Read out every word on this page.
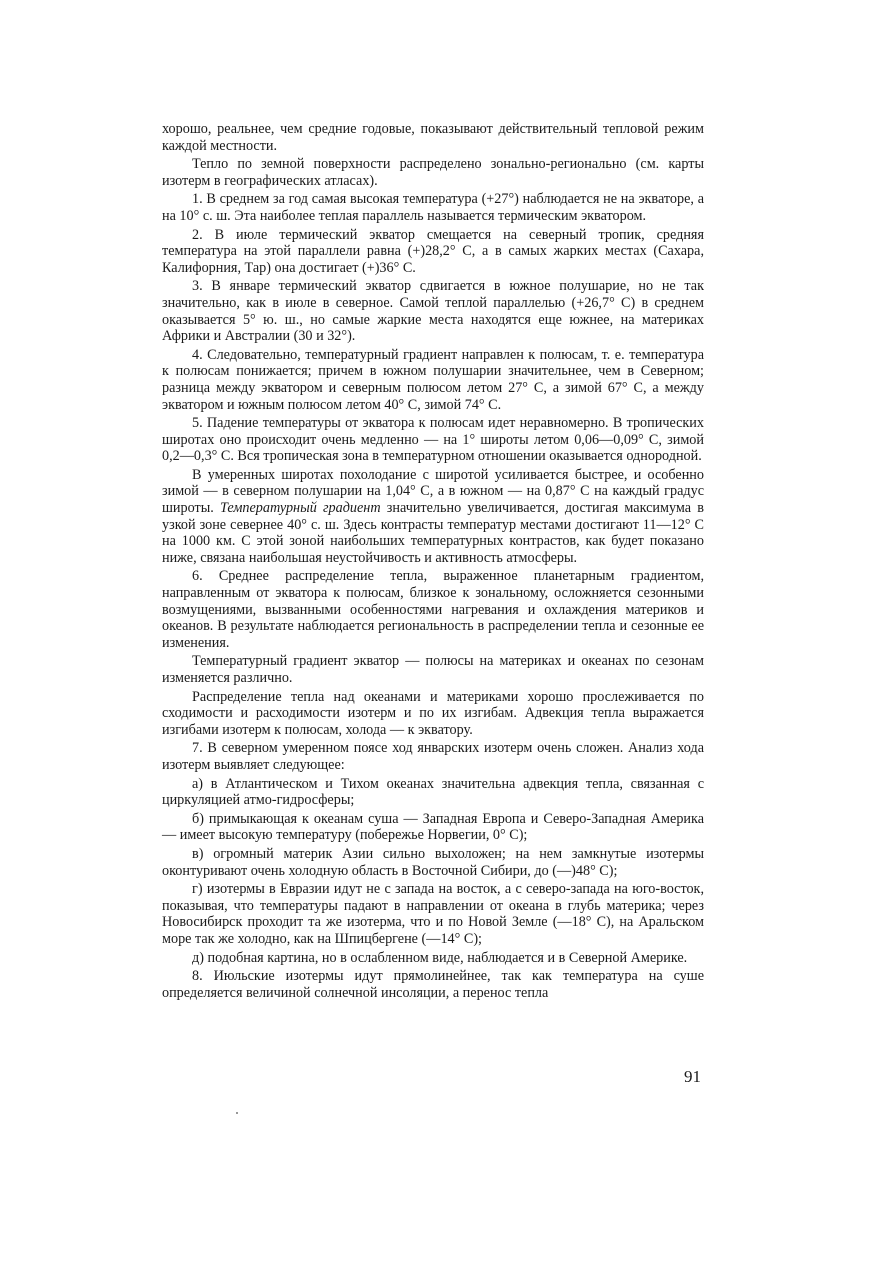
хорошо, реальнее, чем средние годовые, показывают действительный тепловой режим каждой местности.

Тепло по земной поверхности распределено зонально-регионально (см. карты изотерм в географических атласах).

1. В среднем за год самая высокая температура (+27°) наблюдается не на экваторе, а на 10° с. ш. Эта наиболее теплая параллель называется термическим экватором.

2. В июле термический экватор смещается на северный тропик, средняя температура на этой параллели равна (+)28,2° С, а в самых жарких местах (Сахара, Калифорния, Тар) она достигает (+)36° С.

3. В январе термический экватор сдвигается в южное полушарие, но не так значительно, как в июле в северное. Самой теплой параллелью (+26,7° С) в среднем оказывается 5° ю. ш., но самые жаркие места находятся еще южнее, на материках Африки и Австралии (30 и 32°).

4. Следовательно, температурный градиент направлен к полюсам, т. е. температура к полюсам понижается; причем в южном полушарии значительнее, чем в Северном; разница между экватором и северным полюсом летом 27° С, а зимой 67° С, а между экватором и южным полюсом летом 40° С, зимой 74° С.

5. Падение температуры от экватора к полюсам идет неравномерно. В тропических широтах оно происходит очень медленно — на 1° широты летом 0,06—0,09° С, зимой 0,2—0,3° С. Вся тропическая зона в температурном отношении оказывается однородной.

В умеренных широтах похолодание с широтой усиливается быстрее, и особенно зимой — в северном полушарии на 1,04° С, а в южном — на 0,87° С на каждый градус широты. Температурный градиент значительно увеличивается, достигая максимума в узкой зоне севернее 40° с. ш. Здесь контрасты температур местами достигают 11—12° С на 1000 км. С этой зоной наибольших температурных контрастов, как будет показано ниже, связана наибольшая неустойчивость и активность атмосферы.

6. Среднее распределение тепла, выраженное планетарным градиентом, направленным от экватора к полюсам, близкое к зональному, осложняется сезонными возмущениями, вызванными особенностями нагревания и охлаждения материков и океанов. В результате наблюдается региональность в распределении тепла и сезонные ее изменения.

Температурный градиент экватор — полюсы на материках и океанах по сезонам изменяется различно.

Распределение тепла над океанами и материками хорошо прослеживается по сходимости и расходимости изотерм и по их изгибам. Адвекция тепла выражается изгибами изотерм к полюсам, холода — к экватору.

7. В северном умеренном поясе ход январских изотерм очень сложен. Анализ хода изотерм выявляет следующее:

а) в Атлантическом и Тихом океанах значительна адвекция тепла, связанная с циркуляцией атмо-гидросферы;

б) примыкающая к океанам суша — Западная Европа и Северо-Западная Америка — имеет высокую температуру (побережье Норвегии, 0° С);

в) огромный материк Азии сильно выхоложен; на нем замкнутые изотермы оконтуривают очень холодную область в Восточной Сибири, до (—)48° С);

г) изотермы в Евразии идут не с запада на восток, а с северо-запада на юго-восток, показывая, что температуры падают в направлении от океана в глубь материка; через Новосибирск проходит та же изотерма, что и по Новой Земле (—18° С), на Аральском море так же холодно, как на Шпицбергене (—14° С);

д) подобная картина, но в ослабленном виде, наблюдается и в Северной Америке.

8. Июльские изотермы идут прямолинейнее, так как температура на суше определяется величиной солнечной инсоляции, а перенос тепла

91
